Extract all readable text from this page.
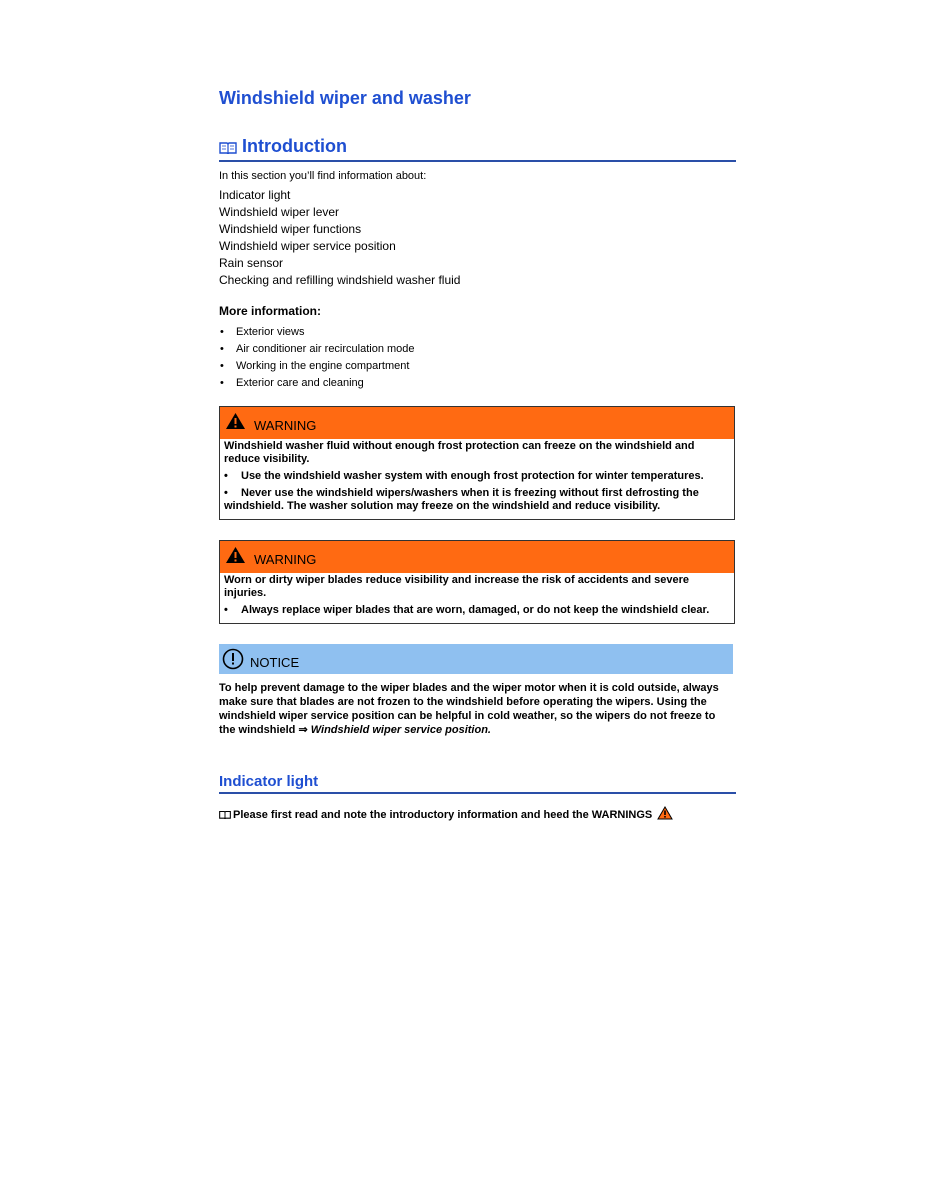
Windshield wiper and washer
Introduction
In this section you’ll find information about:
Indicator light
Windshield wiper lever
Windshield wiper functions
Windshield wiper service position
Rain sensor
Checking and refilling windshield washer fluid
More information:
• Exterior views
• Air conditioner air recirculation mode
• Working in the engine compartment
• Exterior care and cleaning
WARNING

Windshield washer fluid without enough frost protection can freeze on the windshield and reduce visibility.

• Use the windshield washer system with enough frost protection for winter temperatures.

• Never use the windshield wipers/washers when it is freezing without first defrosting the windshield. The washer solution may freeze on the windshield and reduce visibility.

WARNING

Worn or dirty wiper blades reduce visibility and increase the risk of accidents and severe injuries.

• Always replace wiper blades that are worn, damaged, or do not keep the windshield clear.

NOTICE
To help prevent damage to the wiper blades and the wiper motor when it is cold outside, always make sure that blades are not frozen to the windshield before operating the wipers. Using the windshield wiper service position can be helpful in cold weather, so the wipers do not freeze to the windshield ⇒ Windshield wiper service position.
Indicator light
Please first read and note the introductory information and heed the WARNINGS
